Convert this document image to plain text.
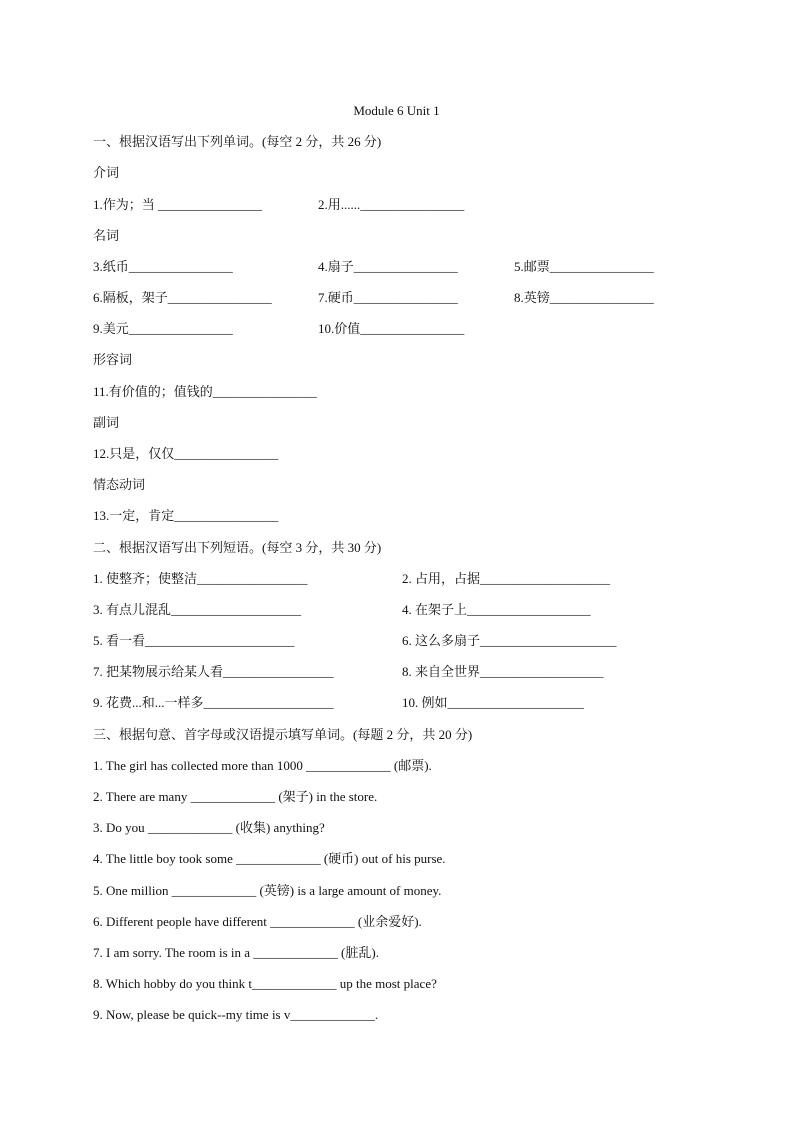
Module 6 Unit 1
一、根据汉语写出下列单词。(每空 2 分，共 26 分)
介词
1.作为；当 ________________	2.用......________________
名词
3.纸币________________	4.扇子________________	5.邮票________________
6.隔板，架子________________	7.硬币________________	8.英镑________________
9.美元________________	10.价值________________
形容词
11.有价值的；值钱的________________
副词
12.只是，仅仅________________
情态动词
13.一定，肯定________________
二、根据汉语写出下列短语。(每空 3 分，共 30 分)
1. 使整齐；使整洁_________________	2. 占用，占据____________________
3. 有点儿混乱____________________	4. 在架子上___________________
5. 看一看_______________________	6. 这么多扇子_____________________
7. 把某物展示给某人看_________________	8. 来自全世界___________________
9. 花费...和...一样多____________________	10. 例如_____________________
三、根据句意、首字母或汉语提示填写单词。(每题 2 分，共 20 分)
1. The girl has collected more than 1000 _____________ (邮票).
2. There are many _____________ (架子) in the store.
3. Do you _____________ (收集) anything?
4. The little boy took some _____________ (硬币) out of his purse.
5. One million _____________ (英镑) is a large amount of money.
6. Different people have different _____________ (业余爱好).
7. I am sorry. The room is in a _____________ (脏乱).
8. Which hobby do you think t_____________ up the most place?
9. Now, please be quick--my time is v_____________.
